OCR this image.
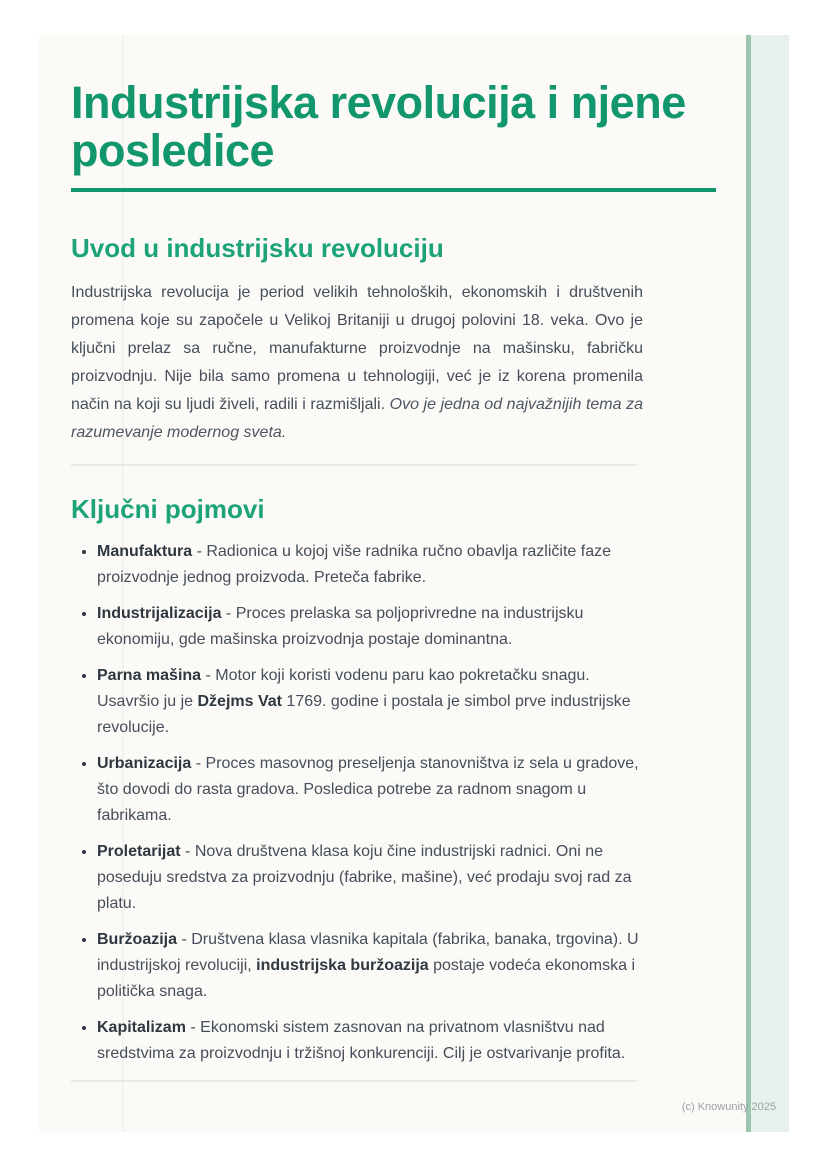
Industrijska revolucija i njene posledice
Uvod u industrijsku revoluciju

Industrijska revolucija je period velikih tehnoloških, ekonomskih i društvenih promena koje su započele u Velikoj Britaniji u drugoj polovini 18. veka. Ovo je ključni prelaz sa ručne, manufakturne proizvodnje na mašinsku, fabričku proizvodnju. Nije bila samo promena u tehnologiji, već je iz korena promenila način na koji su ljudi živeli, radili i razmišljali. Ovo je jedna od najvažnijih tema za razumevanje modernog sveta.

Ključni pojmovi
• Manufaktura - Radionica u kojoj više radnika ručno obavlja različite faze proizvodnje jednog proizvoda. Preteča fabrike.
• Industrijalizacija - Proces prelaska sa poljoprivredne na industrijsku ekonomiju, gde mašinska proizvodnja postaje dominantna.
• Parna mašina - Motor koji koristi vodenu paru kao pokretačku snagu. Usavršio ju je Džejms Vat 1769. godine i postala je simbol prve industrijske revolucije.
• Urbanizacija - Proces masovnog preseljenja stanovništva iz sela u gradove, što dovodi do rasta gradova. Posledica potrebe za radnom snagom u fabrikama.
• Proletarijat - Nova društvena klasa koju čine industrijski radnici. Oni ne poseduju sredstva za proizvodnju (fabrike, mašine), već prodaju svoj rad za platu.
• Buržoazija - Društvena klasa vlasnika kapitala (fabrika, banaka, trgovina). U industrijskoj revoluciji, industrijska buržoazija postaje vodeća ekonomska i politička snaga.
• Kapitalizam - Ekonomski sistem zasnovan na privatnom vlasništvu nad sredstvima za proizvodnju i tržišnoj konkurenciji. Cilj je ostvarivanje profita.
(c) Knowunity 2025
